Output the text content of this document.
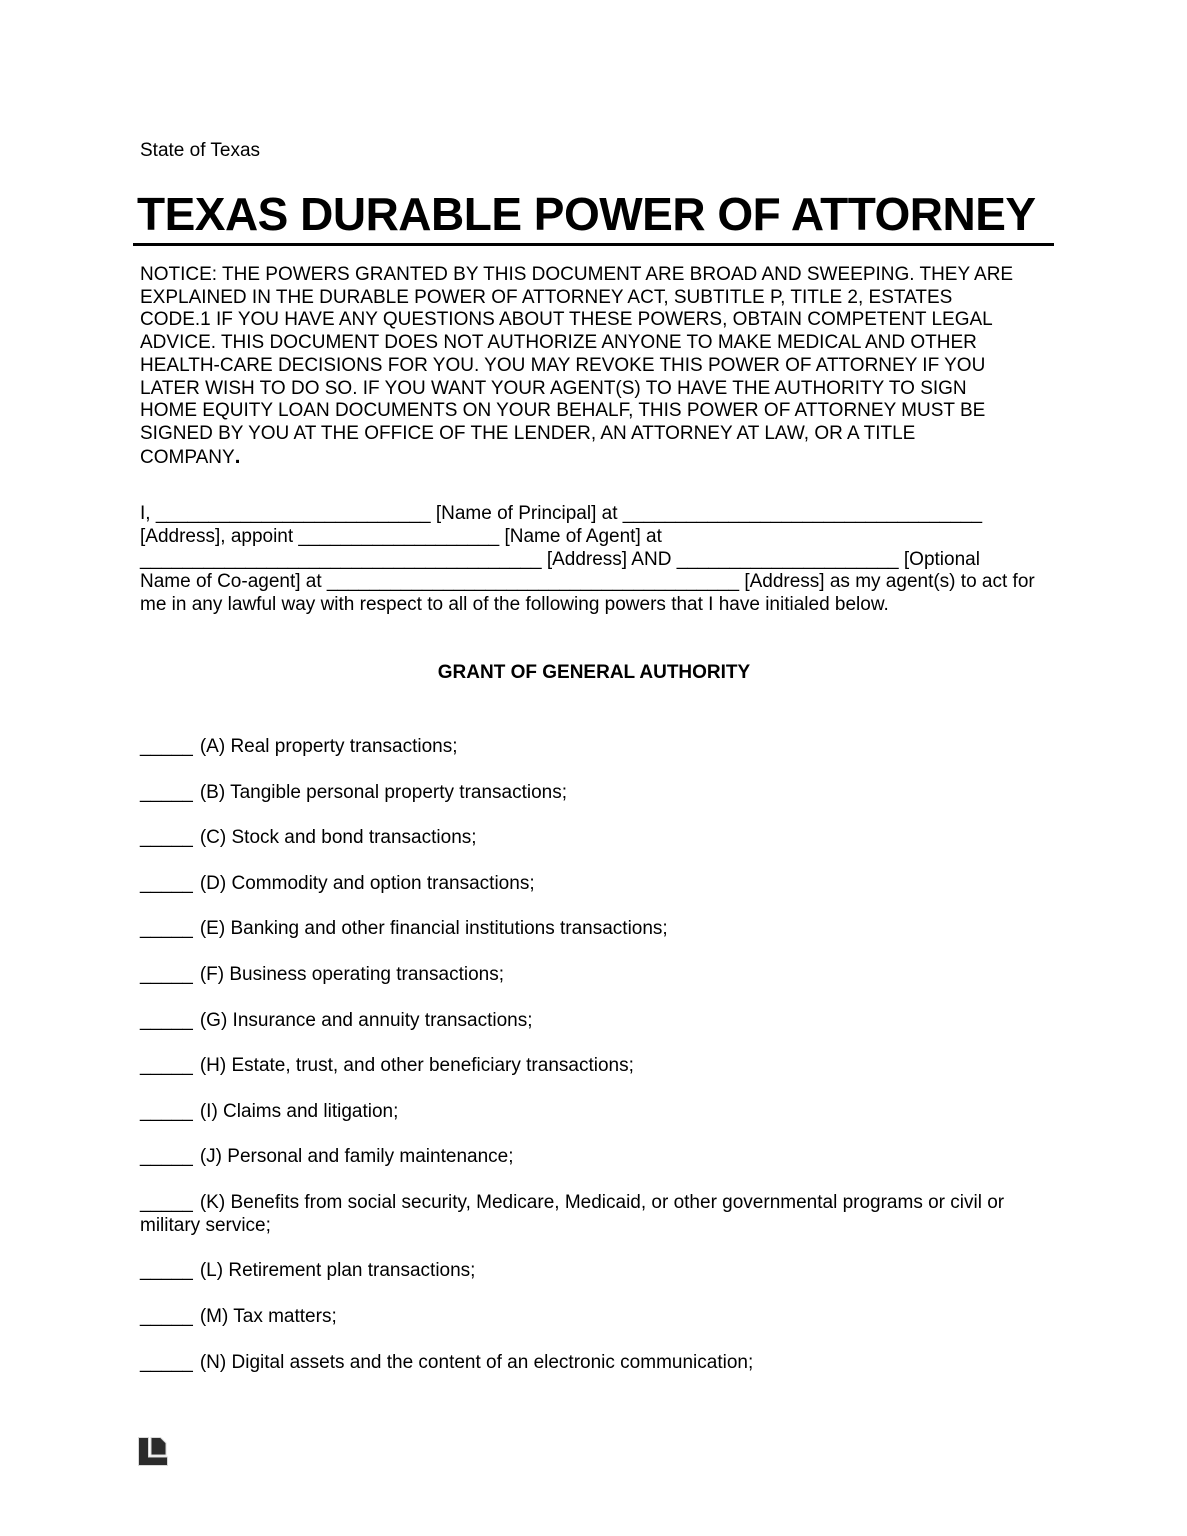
State of Texas
TEXAS DURABLE POWER OF ATTORNEY
NOTICE: THE POWERS GRANTED BY THIS DOCUMENT ARE BROAD AND SWEEPING. THEY ARE
EXPLAINED IN THE DURABLE POWER OF ATTORNEY ACT, SUBTITLE P, TITLE 2, ESTATES
CODE.1 IF YOU HAVE ANY QUESTIONS ABOUT THESE POWERS, OBTAIN COMPETENT LEGAL
ADVICE. THIS DOCUMENT DOES NOT AUTHORIZE ANYONE TO MAKE MEDICAL AND OTHER
HEALTH-CARE DECISIONS FOR YOU. YOU MAY REVOKE THIS POWER OF ATTORNEY IF YOU
LATER WISH TO DO SO. IF YOU WANT YOUR AGENT(S) TO HAVE THE AUTHORITY TO SIGN
HOME EQUITY LOAN DOCUMENTS ON YOUR BEHALF, THIS POWER OF ATTORNEY MUST BE
SIGNED BY YOU AT THE OFFICE OF THE LENDER, AN ATTORNEY AT LAW, OR A TITLE
COMPANY.
I, __________________________ [Name of Principal] at __________________________________
[Address], appoint ___________________ [Name of Agent] at
______________________________________ [Address] AND _____________________ [Optional
Name of Co-agent] at _______________________________________ [Address] as my agent(s) to act for
me in any lawful way with respect to all of the following powers that I have initialed below.
GRANT OF GENERAL AUTHORITY
_____ (A) Real property transactions;
_____ (B) Tangible personal property transactions;
_____ (C) Stock and bond transactions;
_____ (D) Commodity and option transactions;
_____ (E) Banking and other financial institutions transactions;
_____ (F) Business operating transactions;
_____ (G) Insurance and annuity transactions;
_____ (H) Estate, trust, and other beneficiary transactions;
_____ (I) Claims and litigation;
_____ (J) Personal and family maintenance;
_____ (K) Benefits from social security, Medicare, Medicaid, or other governmental programs or civil or military service;
_____ (L) Retirement plan transactions;
_____ (M) Tax matters;
_____ (N) Digital assets and the content of an electronic communication;
